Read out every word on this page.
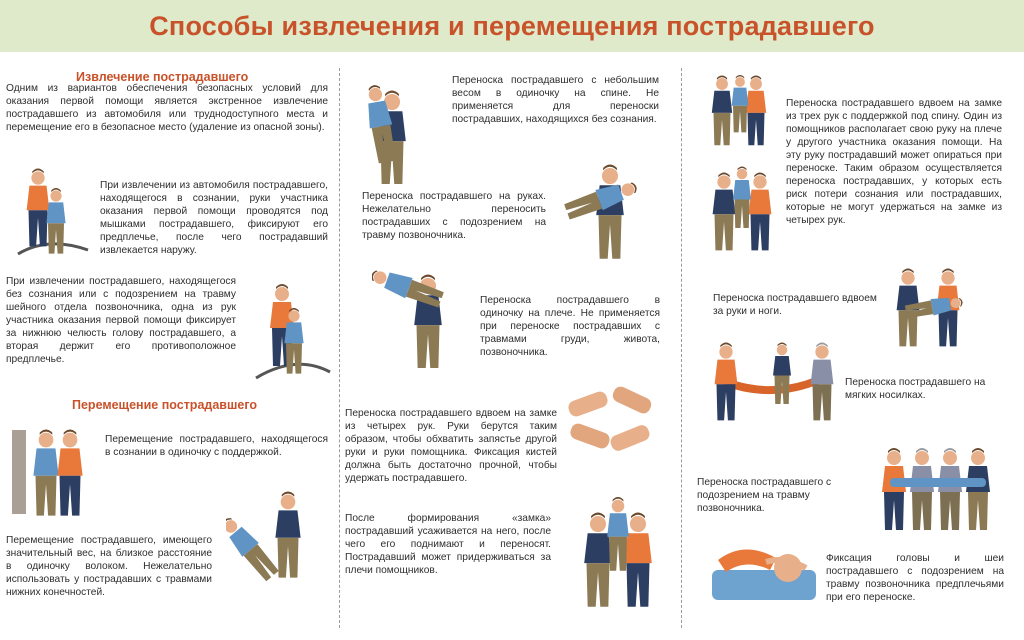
Способы извлечения и перемещения пострадавшего
Извлечение пострадавшего

Одним из вариантов обеспечения безопасных условий для оказания первой помощи является экстренное извлечение пострадавшего из автомобиля или труднодоступного места и перемещение его в безопасное место (удаление из опасной зоны).

При извлечении из автомобиля пострадавшего, находящегося в сознании, руки участника оказания первой помощи проводятся под мышками пострадавшего, фиксируют его предплечье, после чего пострадавший извлекается наружу.

При извлечении пострадавшего, находящегося без сознания или с подозрением на травму шейного отдела позвоночника, одна из рук участника оказания первой помощи фиксирует за нижнюю челюсть голову пострадавшего, а вторая держит его противоположное предплечье.

Перемещение пострадавшего

Перемещение пострадавшего, находящегося в сознании в одиночку с поддержкой.

Перемещение пострадавшего, имеющего значительный вес, на близкое расстояние в одиночку волоком. Нежелательно использовать у пострадавших с травмами нижних конечностей.

Переноска пострадавшего с небольшим весом в одиночку на спине. Не применяется для переноски пострадавших, находящихся без сознания.

Переноска пострадавшего на руках. Нежелательно переносить пострадавших с подозрением на травму позвоночника.

Переноска пострадавшего в одиночку на плече. Не применяется при переноске пострадавших с травмами груди, живота, позвоночника.

Переноска пострадавшего вдвоем на замке из четырех рук. Руки берутся таким образом, чтобы обхватить запястье другой руки и руки помощника. Фиксация кистей должна быть достаточно прочной, чтобы удержать пострадавшего.

После формирования «замка» пострадавший усаживается на него, после чего его поднимают и переносят. Пострадавший может придерживаться за плечи помощников.

Переноска пострадавшего вдвоем на замке из трех рук с поддержкой под спину. Один из помощников располагает свою руку на плече у другого участника оказания помощи. На эту руку пострадавший может опираться при переноске. Таким образом осуществляется переноска пострадавших, у которых есть риск потери сознания или пострадавших, которые не могут удержаться на замке из четырех рук.

Переноска пострадавшего вдвоем за руки и ноги.

Переноска пострадавшего на мягких носилках.

Переноска пострадавшего с подозрением на травму позвоночника.

Фиксация головы и шеи пострадавшего с подозрением на травму позвоночника предплечьями при его переноске.
